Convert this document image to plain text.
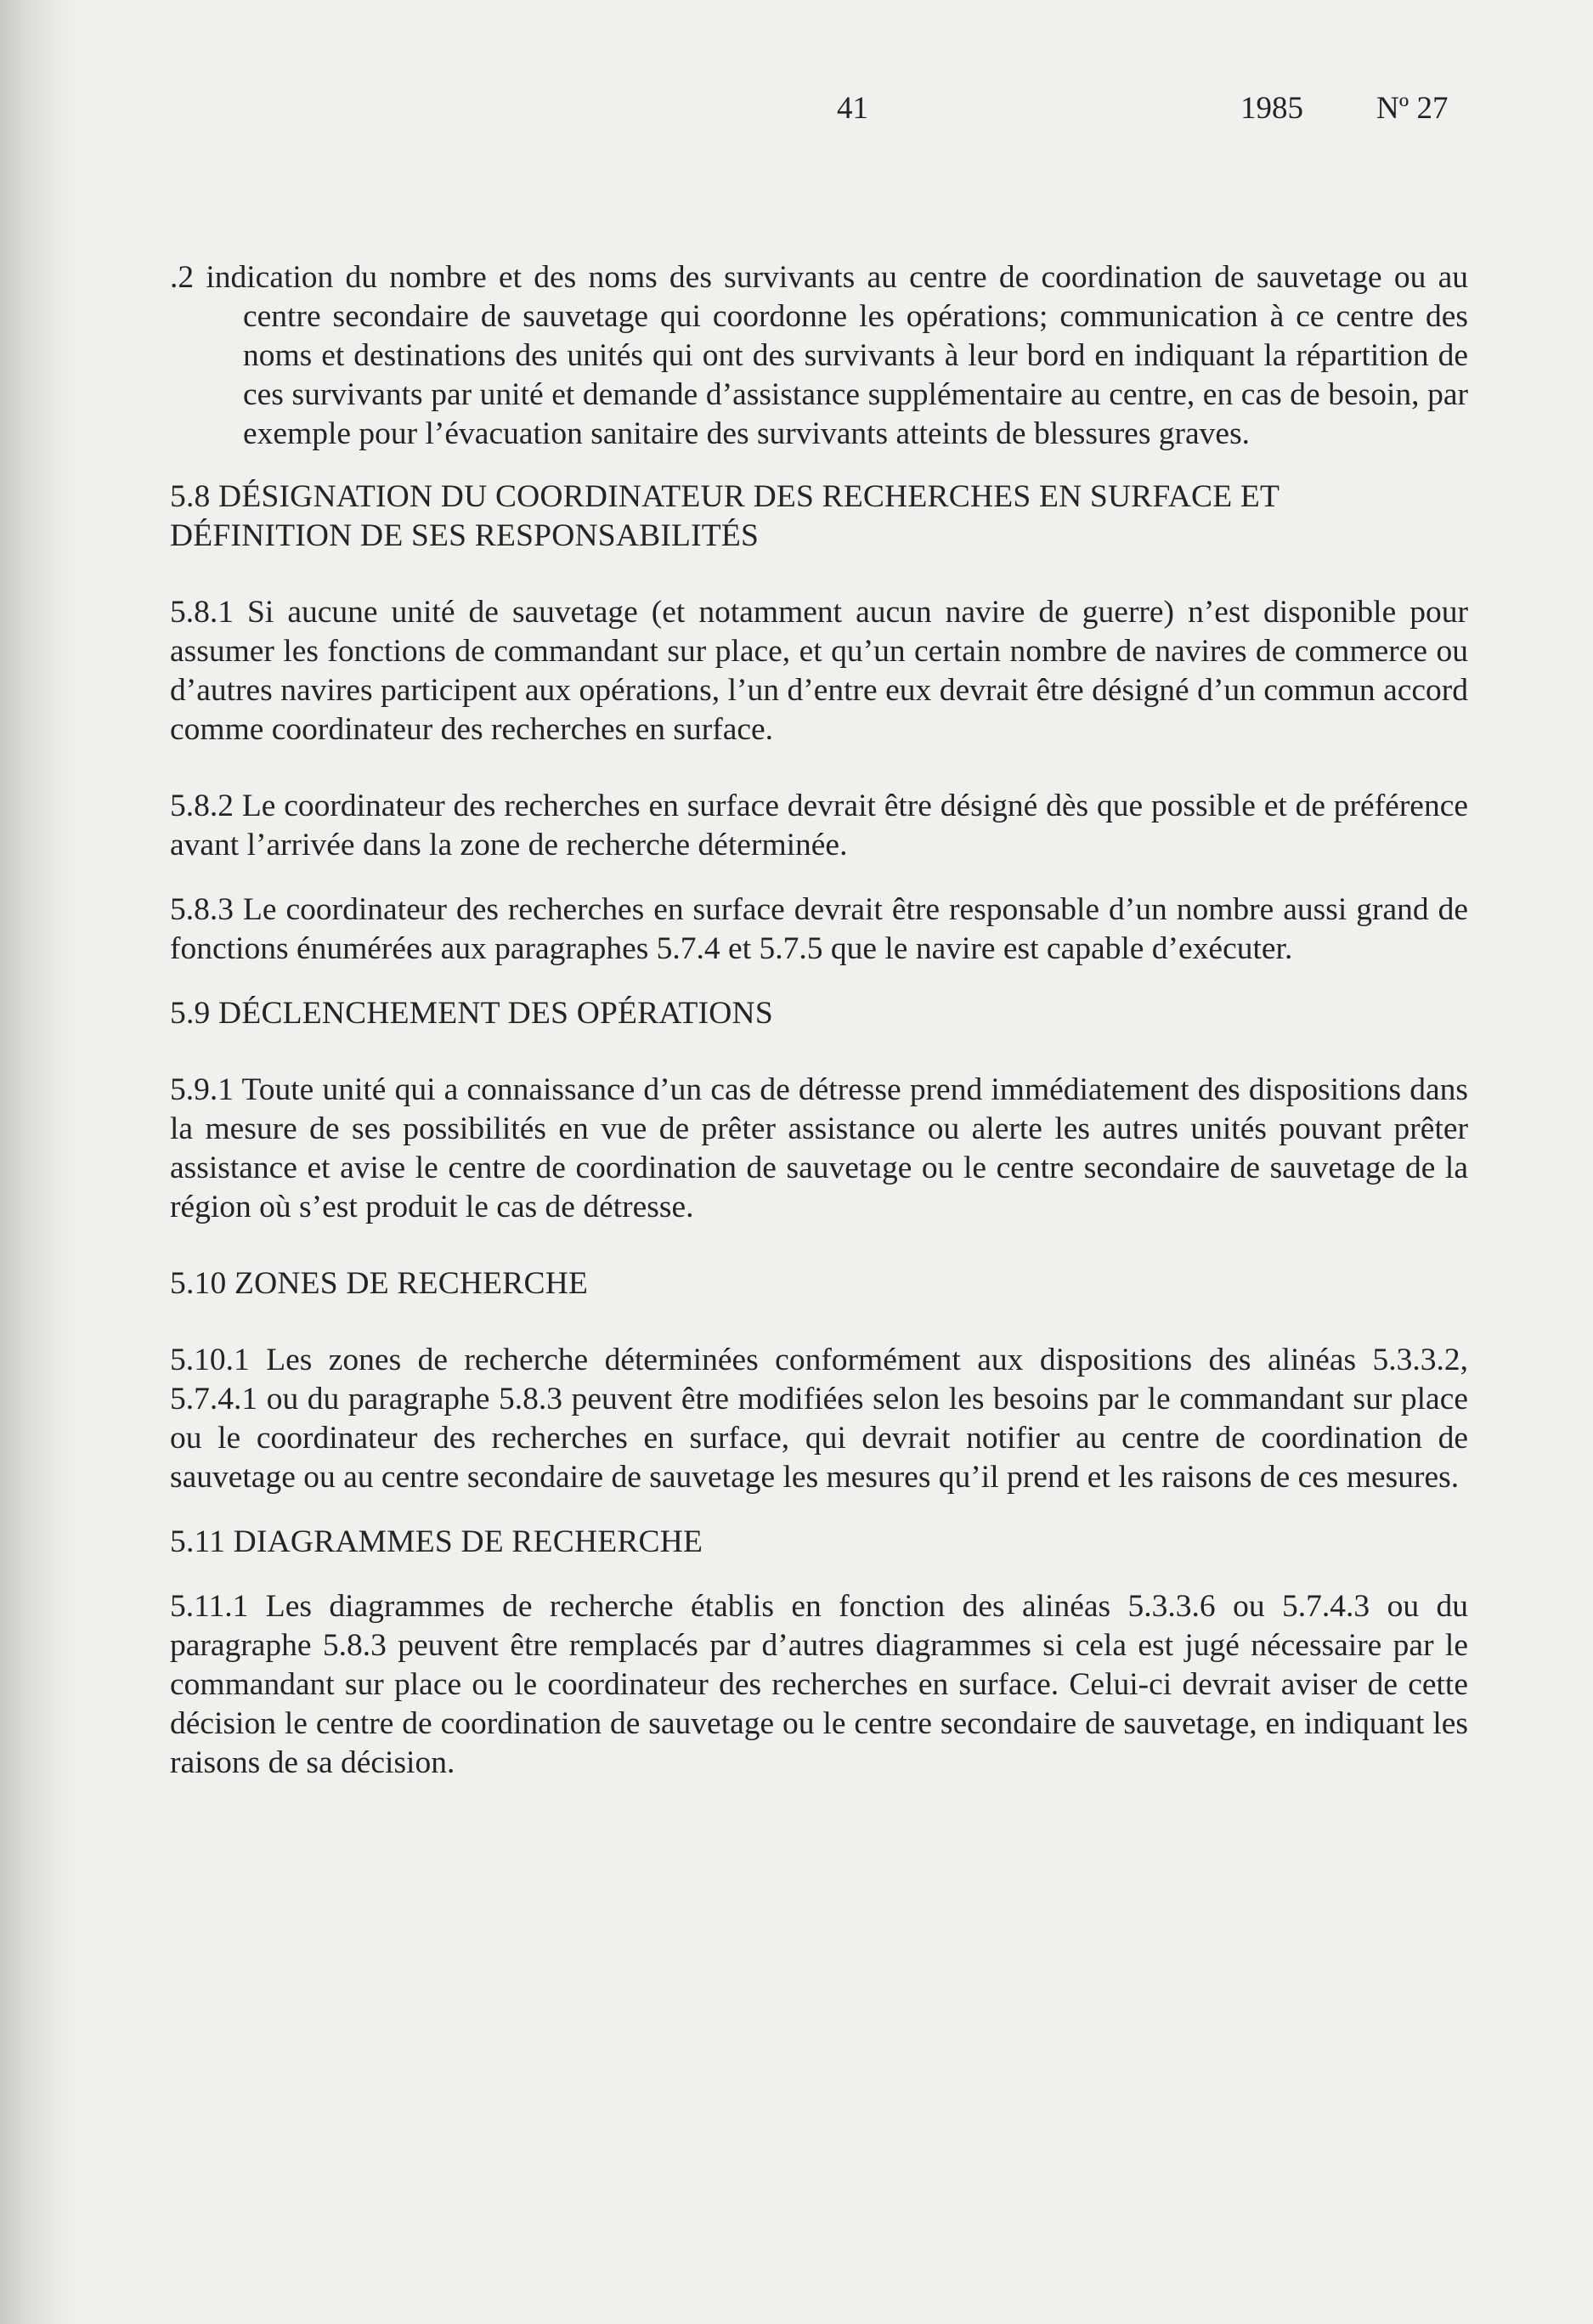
41	1985 Nº 27

.2 indication du nombre et des noms des survivants au centre de coordination de sauvetage ou au centre secondaire de sauvetage qui coordonne les opérations; communication à ce centre des noms et destinations des unités qui ont des survivants à leur bord en indiquant la répartition de ces survivants par unité et demande d’assistance supplémentaire au centre, en cas de besoin, par exemple pour l’évacuation sanitaire des survivants atteints de blessures graves.

5.8 DÉSIGNATION DU COORDINATEUR DES RECHERCHES EN SURFACE ET DÉFINITION DE SES RESPONSABILITÉS

5.8.1 Si aucune unité de sauvetage (et notamment aucun navire de guerre) n’est disponible pour assumer les fonctions de commandant sur place, et qu’un certain nombre de navires de commerce ou d’autres navires participent aux opérations, l’un d’entre eux devrait être désigné d’un commun accord comme coordinateur des recherches en surface.

5.8.2 Le coordinateur des recherches en surface devrait être désigné dès que possible et de préférence avant l’arrivée dans la zone de recherche déterminée.

5.8.3 Le coordinateur des recherches en surface devrait être responsable d’un nombre aussi grand de fonctions énumérées aux paragraphes 5.7.4 et 5.7.5 que le navire est capable d’exécuter.

5.9 DÉCLENCHEMENT DES OPÉRATIONS

5.9.1 Toute unité qui a connaissance d’un cas de détresse prend immédiatement des dispositions dans la mesure de ses possibilités en vue de prêter assistance ou alerte les autres unités pouvant prêter assistance et avise le centre de coordination de sauvetage ou le centre secondaire de sauvetage de la région où s’est produit le cas de détresse.

5.10 ZONES DE RECHERCHE

5.10.1 Les zones de recherche déterminées conformément aux dispositions des alinéas 5.3.3.2, 5.7.4.1 ou du paragraphe 5.8.3 peuvent être modifiées selon les besoins par le commandant sur place ou le coordinateur des recherches en surface, qui devrait notifier au centre de coordination de sauvetage ou au centre secondaire de sauvetage les mesures qu’il prend et les raisons de ces mesures.

5.11 DIAGRAMMES DE RECHERCHE

5.11.1 Les diagrammes de recherche établis en fonction des alinéas 5.3.3.6 ou 5.7.4.3 ou du paragraphe 5.8.3 peuvent être remplacés par d’autres diagrammes si cela est jugé nécessaire par le commandant sur place ou le coordinateur des recherches en surface. Celui-ci devrait aviser de cette décision le centre de coordination de sauvetage ou le centre secondaire de sauvetage, en indiquant les raisons de sa décision.
